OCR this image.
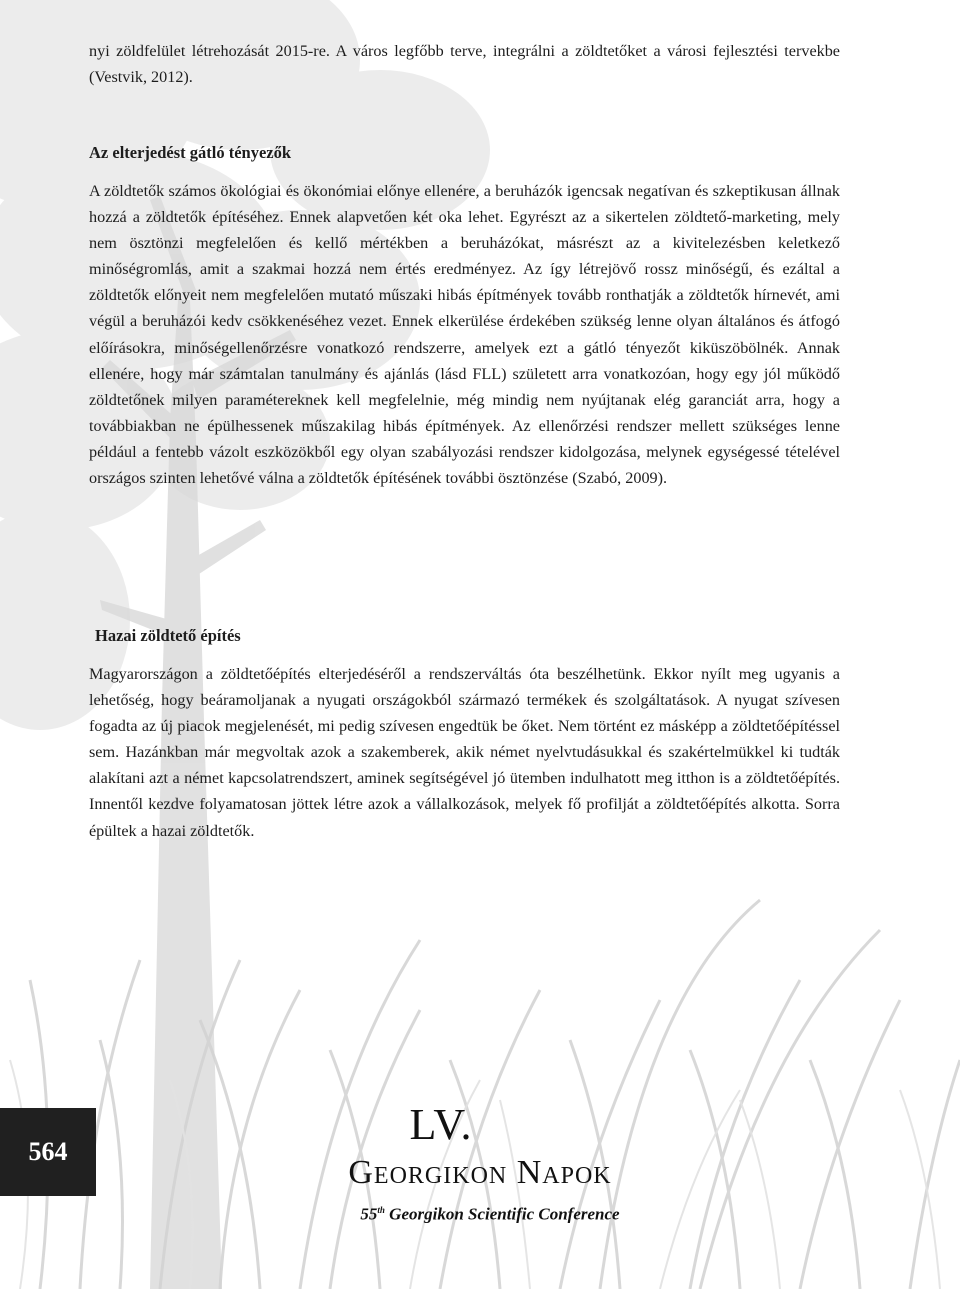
nyi zöldfelület létrehozását 2015-re. A város legfőbb terve, integrálni a zöldtetőket a városi fejlesztési tervekbe (Vestvik, 2012).

Az elterjedést gátló tényezők

A zöldtetők számos ökológiai és ökonómiai előnye ellenére, a beruházók igencsak negatívan és szkeptikusan állnak hozzá a zöldtetők építéséhez. Ennek alapvetően két oka lehet. Egyrészt az a sikertelen zöldtető-marketing, mely nem ösztönzi megfelelően és kellő mértékben a beruházókat, másrészt az a kivitelezésben keletkező minőségromlás, amit a szakmai hozzá nem értés eredményez. Az így létrejövő rossz minőségű, és ezáltal a zöldtetők előnyeit nem megfelelően mutató műszaki hibás építmények tovább ronthatják a zöldtetők hírnevét, ami végül a beruházói kedv csökkenéséhez vezet. Ennek elkerülése érdekében szükség lenne olyan általános és átfogó előírásokra, minőségellenőrzésre vonatkozó rendszerre, amelyek ezt a gátló tényezőt kiküszöbölnék. Annak ellenére, hogy már számtalan tanulmány és ajánlás (lásd FLL) született arra vonatkozóan, hogy egy jól működő zöldtetőnek milyen paramétereknek kell megfelelnie, még mindig nem nyújtanak elég garanciát arra, hogy a továbbiakban ne épülhessenek műszakilag hibás építmények. Az ellenőrzési rendszer mellett szükséges lenne például a fentebb vázolt eszközökből egy olyan szabályozási rendszer kidolgozása, melynek egységessé tételével országos szinten lehetővé válna a zöldtetők építésének további ösztönzése (Szabó, 2009).

Hazai zöldtető építés

Magyarországon a zöldtetőépítés elterjedéséről a rendszerváltás óta beszélhetünk. Ekkor nyílt meg ugyanis a lehetőség, hogy beáramoljanak a nyugati országokból származó termékek és szolgáltatások. A nyugat szívesen fogadta az új piacok megjelenését, mi pedig szívesen engedtük be őket. Nem történt ez másképp a zöldtetőépítéssel sem. Hazánkban már megvoltak azok a szakemberek, akik német nyelvtudásukkal és szakértelmükkel ki tudták alakítani azt a német kapcsolatrendszert, aminek segítségével jó ütemben indulhatott meg itthon is a zöldtetőépítés. Innentől kezdve folyamatosan jöttek létre azok a vállalkozások, melyek fő profilját a zöldtetőépítés alkotta. Sorra épültek a hazai zöldtetők.

564
LV.
Georgikon Napok
55th Georgikon Scientific Conference
